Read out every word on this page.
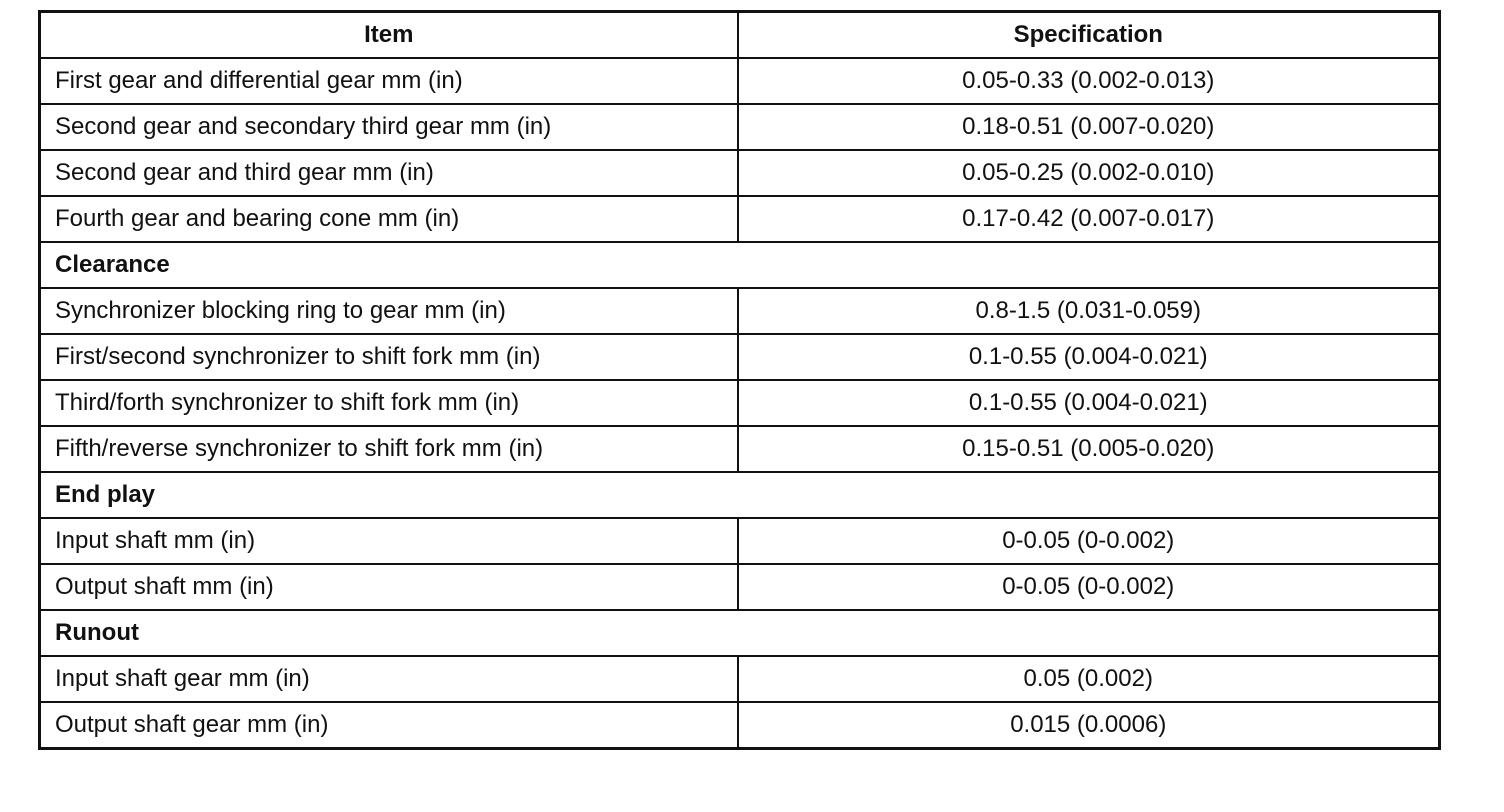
Item	Specification
First gear and differential gear mm (in)	0.05-0.33 (0.002-0.013)
Second gear and secondary third gear mm (in)	0.18-0.51 (0.007-0.020)
Second gear and third gear mm (in)	0.05-0.25 (0.002-0.010)
Fourth gear and bearing cone mm (in)	0.17-0.42 (0.007-0.017)
Clearance	
Synchronizer blocking ring to gear mm (in)	0.8-1.5 (0.031-0.059)
First/second synchronizer to shift fork mm (in)	0.1-0.55 (0.004-0.021)
Third/forth synchronizer to shift fork mm (in)	0.1-0.55 (0.004-0.021)
Fifth/reverse synchronizer to shift fork mm (in)	0.15-0.51 (0.005-0.020)
End play	
Input shaft mm (in)	0-0.05 (0-0.002)
Output shaft mm (in)	0-0.05 (0-0.002)
Runout	
Input shaft gear mm (in)	0.05 (0.002)
Output shaft gear mm (in)	0.015 (0.0006)
